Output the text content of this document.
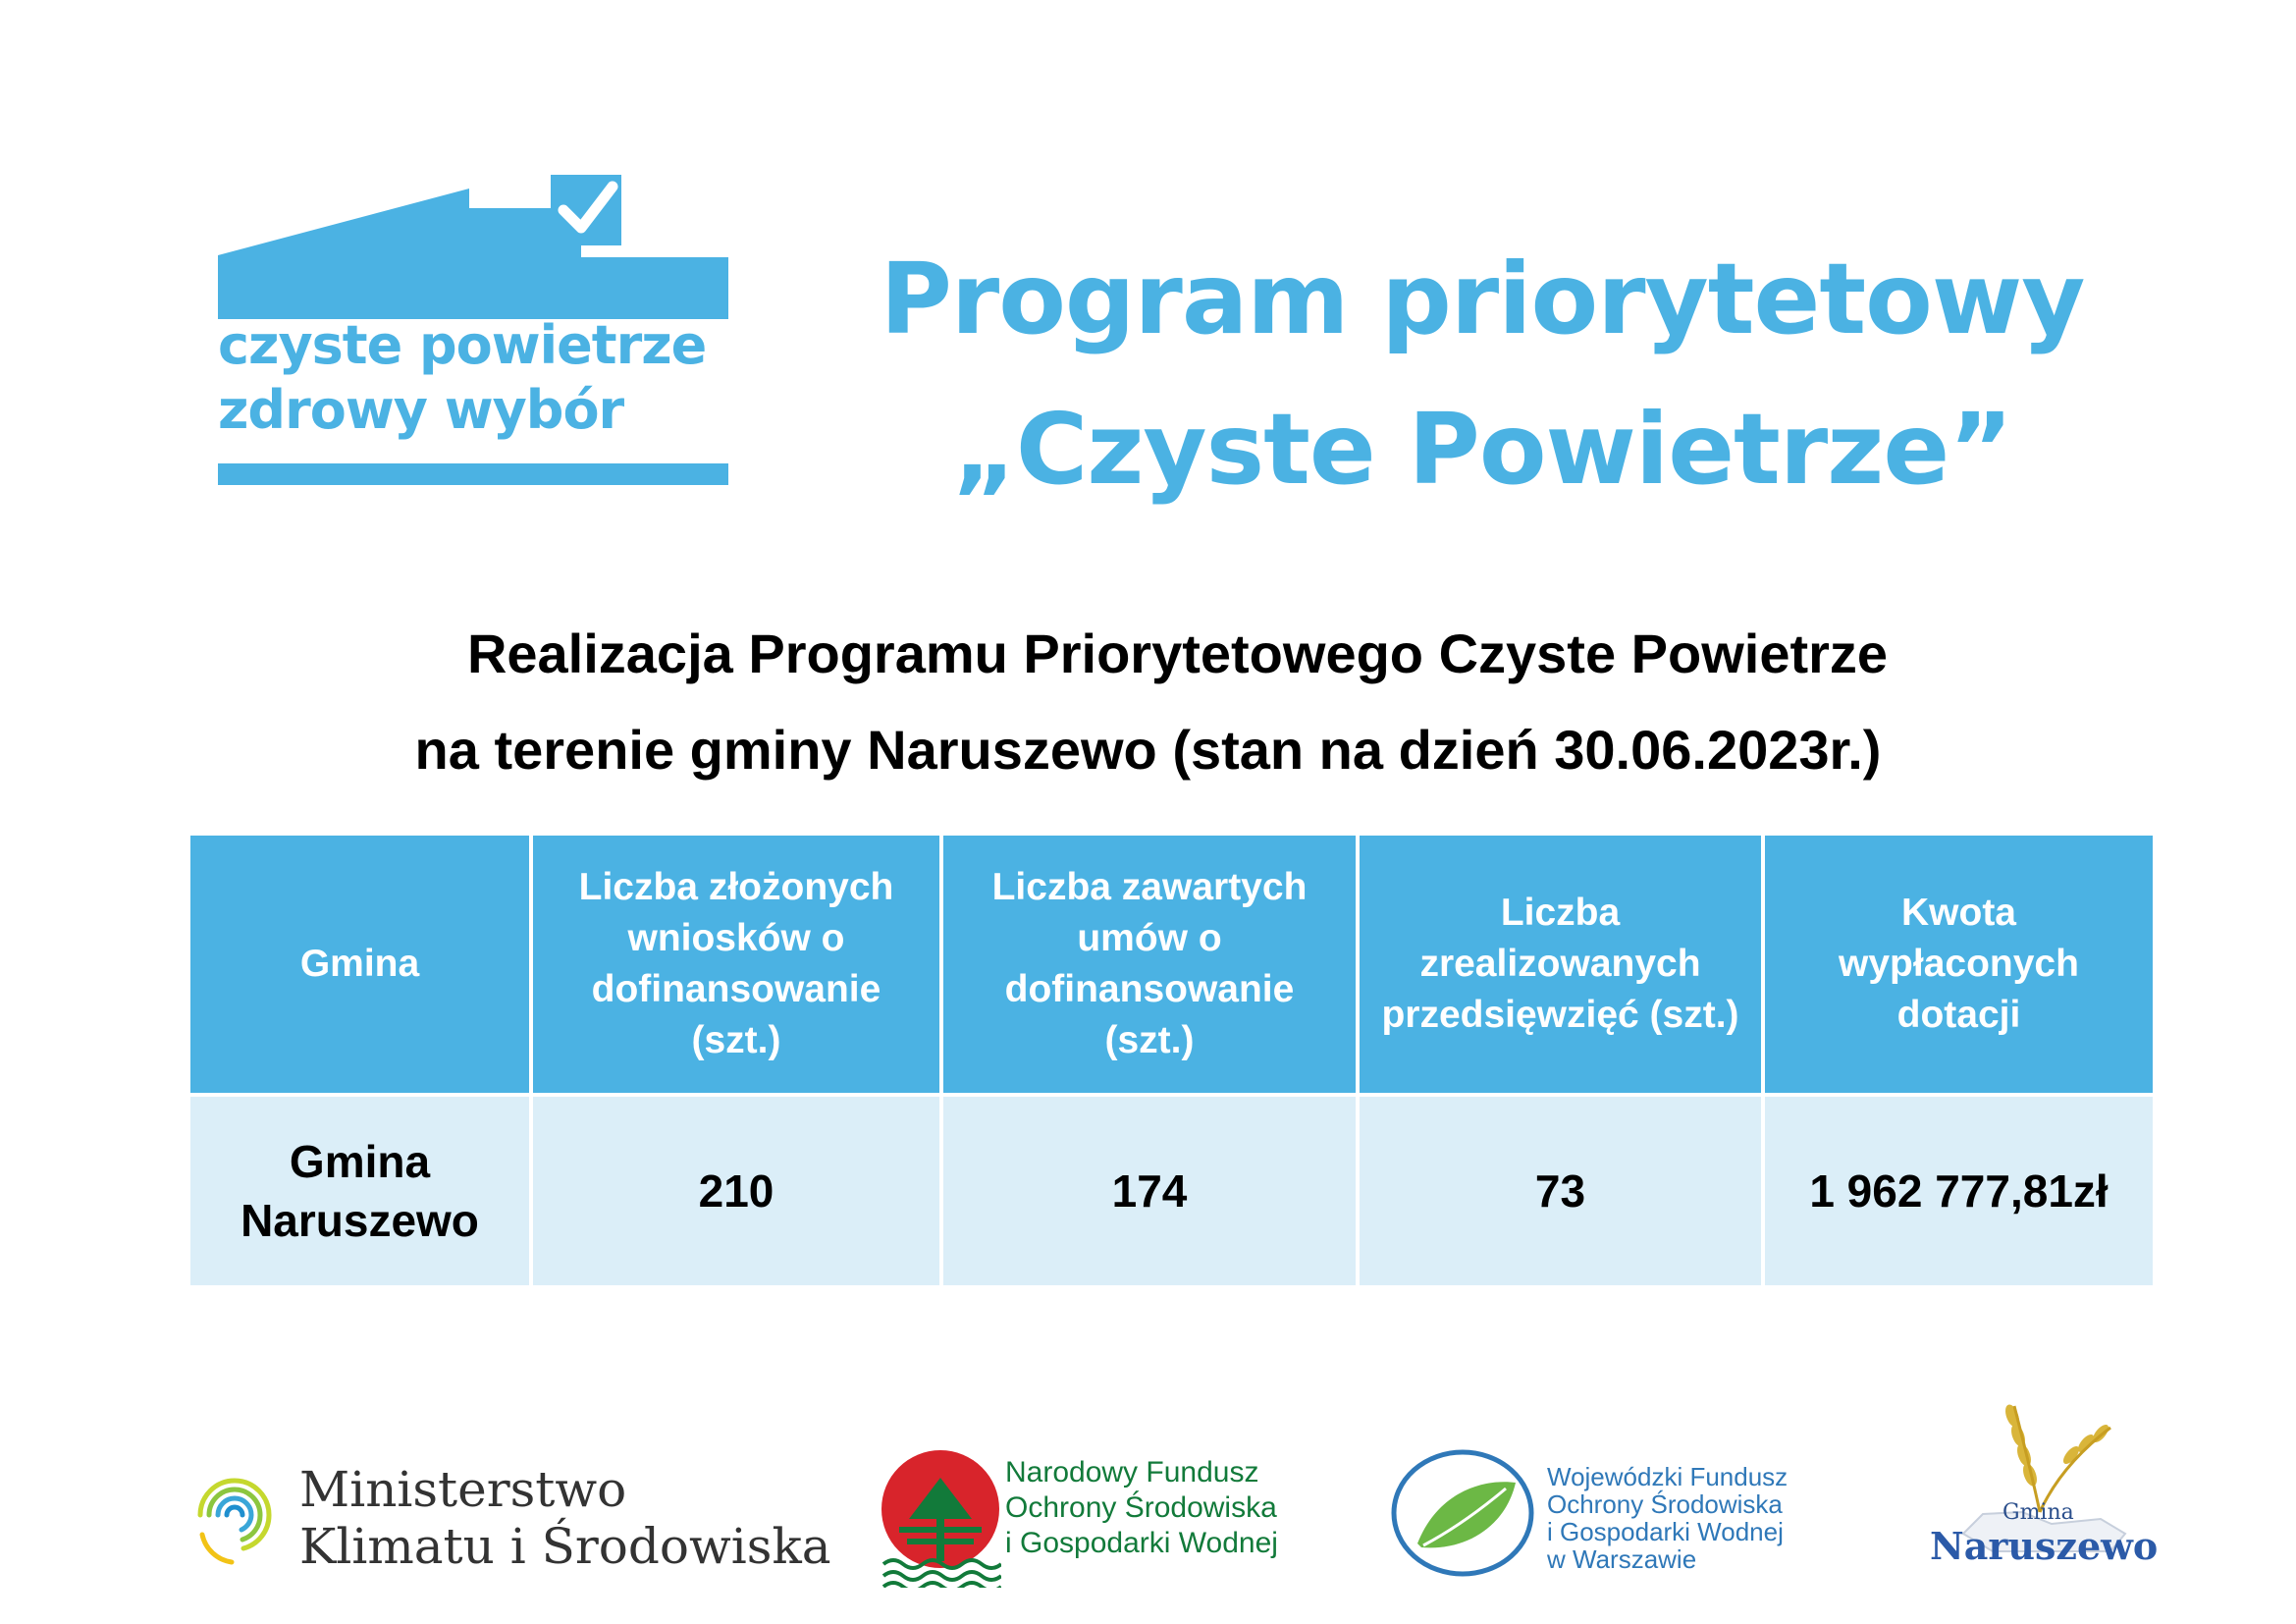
czyste powietrze
zdrowy wybór
Program priorytetowy
„Czyste Powietrze”
Realizacja Programu Priorytetowego Czyste Powietrze
na terenie gminy Naruszewo (stan na dzień 30.06.2023r.)
Gmina	Liczba złożonych wniosków o dofinansowanie (szt.)	Liczba zawartych umów o dofinansowanie (szt.)	Liczba zrealizowanych przedsięwzięć (szt.)	Kwota wypłaconych dotacji
Gmina Naruszewo	210	174	73	1 962 777,81zł
Ministerstwo
Klimatu i Środowiska
Narodowy Fundusz
Ochrony Środowiska
i Gospodarki Wodnej
Wojewódzki Fundusz
Ochrony Środowiska
i Gospodarki Wodnej
w Warszawie
Gmina
Naruszewo
